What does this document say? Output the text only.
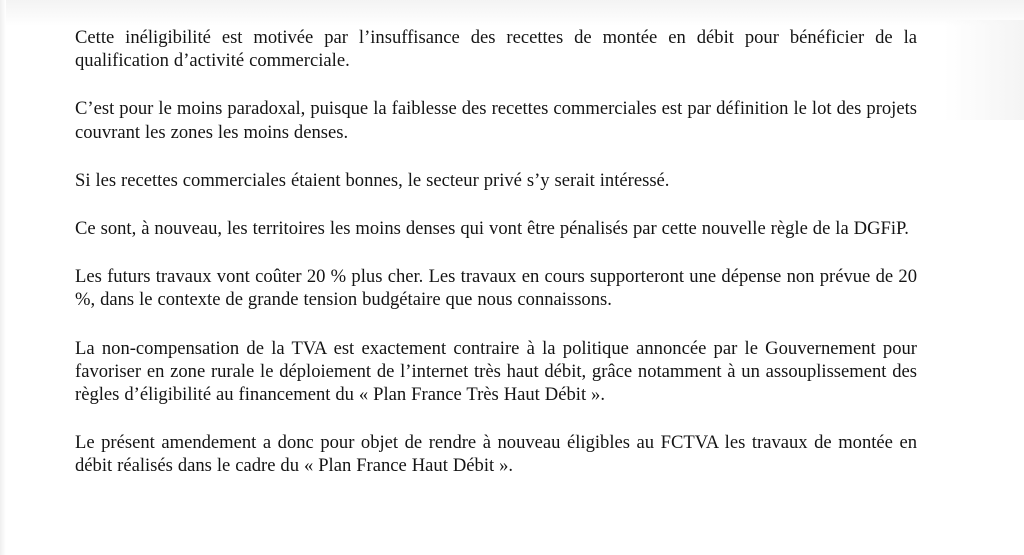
Cette inéligibilité est motivée par l’insuffisance des recettes de montée en débit pour bénéficier de la qualification d’activité commerciale.

C’est pour le moins paradoxal, puisque la faiblesse des recettes commerciales est par définition le lot des projets couvrant les zones les moins denses.

Si les recettes commerciales étaient bonnes, le secteur privé s’y serait intéressé.

Ce sont, à nouveau, les territoires les moins denses qui vont être pénalisés par cette nouvelle règle de la DGFiP.

Les futurs travaux vont coûter 20 % plus cher. Les travaux en cours supporteront une dépense non prévue de 20 %, dans le contexte de grande tension budgétaire que nous connaissons.

La non-compensation de la TVA est exactement contraire à la politique annoncée par le Gouvernement pour favoriser en zone rurale le déploiement de l’internet très haut débit, grâce notamment à un assouplissement des règles d’éligibilité au financement du « Plan France Très Haut Débit ».

Le présent amendement a donc pour objet de rendre à nouveau éligibles au FCTVA les travaux de montée en débit réalisés dans le cadre du « Plan France Haut Débit ».
